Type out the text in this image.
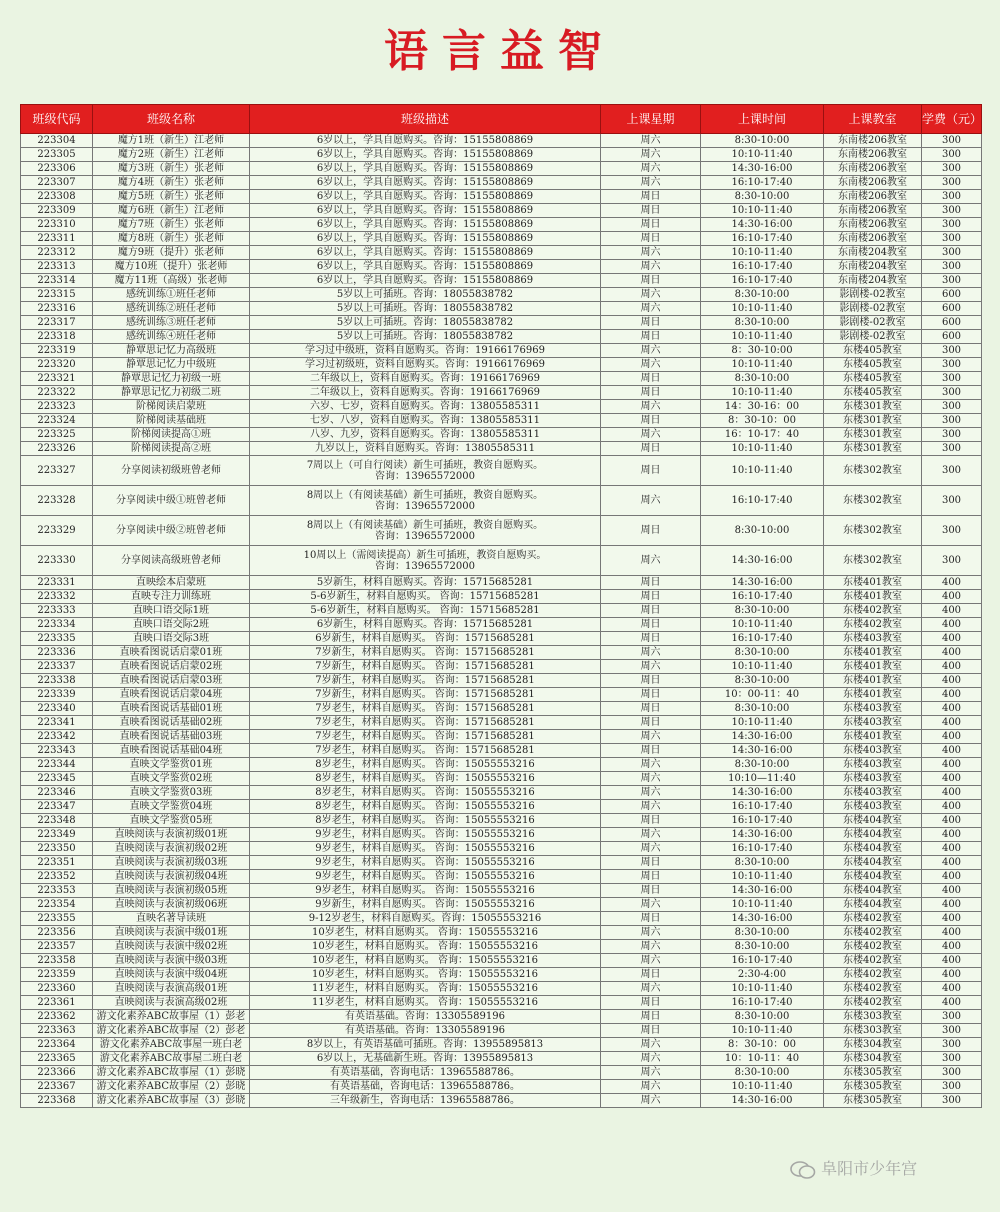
语言益智
班级代码	班级名称	班级描述	上课星期	上课时间	上课教室	学费（元）
223304	魔方1班（新生）江老师	6岁以上，学具自愿购买。咨询：15155808869	周六	8:30-10:00	东南楼206教室	300
223305	魔方2班（新生）江老师	6岁以上，学具自愿购买。咨询：15155808869	周六	10:10-11:40	东南楼206教室	300
223306	魔方3班（新生）张老师	6岁以上，学具自愿购买。咨询：15155808869	周六	14:30-16:00	东南楼206教室	300
223307	魔方4班（新生）张老师	6岁以上，学具自愿购买。咨询：15155808869	周六	16:10-17:40	东南楼206教室	300
223308	魔方5班（新生）张老师	6岁以上，学具自愿购买。咨询：15155808869	周日	8:30-10:00	东南楼206教室	300
223309	魔方6班（新生）江老师	6岁以上，学具自愿购买。咨询：15155808869	周日	10:10-11:40	东南楼206教室	300
223310	魔方7班（新生）张老师	6岁以上，学具自愿购买。咨询：15155808869	周日	14:30-16:00	东南楼206教室	300
223311	魔方8班（新生）张老师	6岁以上，学具自愿购买。咨询：15155808869	周日	16:10-17:40	东南楼206教室	300
223312	魔方9班（提升）张老师	6岁以上，学具自愿购买。咨询：15155808869	周六	10:10-11:40	东南楼204教室	300
223313	魔方10班（提升）张老师	6岁以上，学具自愿购买。咨询：15155808869	周六	16:10-17:40	东南楼204教室	300
223314	魔方11班（高级）张老师	6岁以上，学具自愿购买。咨询：15155808869	周日	16:10-17:40	东南楼204教室	300
223315	感统训练①班任老师	5岁以上可插班。咨询：18055838782	周六	8:30-10:00	影剧楼-02教室	600
223316	感统训练②班任老师	5岁以上可插班。咨询：18055838782	周六	10:10-11:40	影剧楼-02教室	600
223317	感统训练③班任老师	5岁以上可插班。咨询：18055838782	周日	8:30-10:00	影剧楼-02教室	600
223318	感统训练④班任老师	5岁以上可插班。咨询：18055838782	周日	10:10-11:40	影剧楼-02教室	600
223319	静覃思记忆力高级班	学习过中级班，资料自愿购买。咨询：19166176969	周六	8：30-10:00	东楼405教室	300
223320	静覃思记忆力中级班	学习过初级班，资料自愿购买。咨询：19166176969	周六	10:10-11:40	东楼405教室	300
223321	静覃思记忆力初级一班	二年级以上，资料自愿购买。咨询：19166176969	周日	8:30-10:00	东楼405教室	300
223322	静覃思记忆力初级二班	二年级以上，资料自愿购买。咨询：19166176969	周日	10:10-11:40	东楼405教室	300
223323	阶梯阅读启蒙班	六岁、七岁，资料自愿购买。咨询：13805585311	周六	14：30-16：00	东楼301教室	300
223324	阶梯阅读基础班	七岁、八岁，资料自愿购买。咨询：13805585311	周日	8：30-10：00	东楼301教室	300
223325	阶梯阅读提高①班	八岁、九岁，资料自愿购买。咨询：13805585311	周六	16：10-17：40	东楼301教室	300
223326	阶梯阅读提高②班	九岁以上，资料自愿购买。咨询：13805585311	周日	10:10-11:40	东楼301教室	300
223327	分享阅读初级班曾老师	7周以上（可自行阅读）新生可插班，教资自愿购买。
咨询：13965572000	周日	10:10-11:40	东楼302教室	300
223328	分享阅读中级①班曾老师	8周以上（有阅读基础）新生可插班，教资自愿购买。
咨询：13965572000	周六	16:10-17:40	东楼302教室	300
223329	分享阅读中级②班曾老师	8周以上（有阅读基础）新生可插班，教资自愿购买。
咨询：13965572000	周日	8:30-10:00	东楼302教室	300
223330	分享阅读高级班曾老师	10周以上（需阅读提高）新生可插班，教资自愿购买。
咨询：13965572000	周六	14:30-16:00	东楼302教室	300
223331	直映绘本启蒙班	5岁新生，材料自愿购买。咨询：15715685281	周日	14:30-16:00	东楼401教室	400
223332	直映专注力训练班	5-6岁新生，材料自愿购买。 咨询：15715685281	周日	16:10-17:40	东楼401教室	400
223333	直映口语交际1班	5-6岁新生，材料自愿购买。 咨询：15715685281	周日	8:30-10:00	东楼402教室	400
223334	直映口语交际2班	6岁新生，材料自愿购买。咨询：15715685281	周日	10:10-11:40	东楼402教室	400
223335	直映口语交际3班	6岁新生，材料自愿购买。 咨询：15715685281	周日	16:10-17:40	东楼403教室	400
223336	直映看图说话启蒙01班	7岁新生，材料自愿购买。 咨询：15715685281	周六	8:30-10:00	东楼401教室	400
223337	直映看图说话启蒙02班	7岁新生，材料自愿购买。 咨询：15715685281	周六	10:10-11:40	东楼401教室	400
223338	直映看图说话启蒙03班	7岁新生，材料自愿购买。 咨询：15715685281	周日	8:30-10:00	东楼401教室	400
223339	直映看图说话启蒙04班	7岁新生，材料自愿购买。 咨询：15715685281	周日	10：00-11：40	东楼401教室	400
223340	直映看图说话基础01班	7岁老生，材料自愿购买。 咨询：15715685281	周日	8:30-10:00	东楼403教室	400
223341	直映看图说话基础02班	7岁老生，材料自愿购买。 咨询：15715685281	周日	10:10-11:40	东楼403教室	400
223342	直映看图说话基础03班	7岁老生，材料自愿购买。 咨询：15715685281	周六	14:30-16:00	东楼401教室	400
223343	直映看图说话基础04班	7岁老生，材料自愿购买。 咨询：15715685281	周日	14:30-16:00	东楼403教室	400
223344	直映文学鉴赏01班	8岁老生，材料自愿购买。 咨询：15055553216	周六	8:30-10:00	东楼403教室	400
223345	直映文学鉴赏02班	8岁老生，材料自愿购买。 咨询：15055553216	周六	10:10—11:40	东楼403教室	400
223346	直映文学鉴赏03班	8岁老生，材料自愿购买。 咨询：15055553216	周六	14:30-16:00	东楼403教室	400
223347	直映文学鉴赏04班	8岁老生，材料自愿购买。 咨询：15055553216	周六	16:10-17:40	东楼403教室	400
223348	直映文学鉴赏05班	8岁老生，材料自愿购买。 咨询：15055553216	周日	16:10-17:40	东楼404教室	400
223349	直映阅读与表演初级01班	9岁老生，材料自愿购买。 咨询：15055553216	周六	14:30-16:00	东楼404教室	400
223350	直映阅读与表演初级02班	9岁老生，材料自愿购买。 咨询：15055553216	周六	16:10-17:40	东楼404教室	400
223351	直映阅读与表演初级03班	9岁老生，材料自愿购买。 咨询：15055553216	周日	8:30-10:00	东楼404教室	400
223352	直映阅读与表演初级04班	9岁老生，材料自愿购买。 咨询：15055553216	周日	10:10-11:40	东楼404教室	400
223353	直映阅读与表演初级05班	9岁老生，材料自愿购买。 咨询：15055553216	周日	14:30-16:00	东楼404教室	400
223354	直映阅读与表演初级06班	9岁新生，材料自愿购买。 咨询：15055553216	周六	10:10-11:40	东楼404教室	400
223355	直映名著导读班	9-12岁老生，材料自愿购买。咨询：15055553216	周日	14:30-16:00	东楼402教室	400
223356	直映阅读与表演中级01班	10岁老生，材料自愿购买。 咨询：15055553216	周六	8:30-10:00	东楼402教室	400
223357	直映阅读与表演中级02班	10岁老生，材料自愿购买。 咨询：15055553216	周六	8:30-10:00	东楼402教室	400
223358	直映阅读与表演中级03班	10岁老生，材料自愿购买。 咨询：15055553216	周六	16:10-17:40	东楼402教室	400
223359	直映阅读与表演中级04班	10岁老生，材料自愿购买。 咨询：15055553216	周日	2:30-4:00	东楼402教室	400
223360	直映阅读与表演高级01班	11岁老生，材料自愿购买。 咨询：15055553216	周六	10:10-11:40	东楼402教室	400
223361	直映阅读与表演高级02班	11岁老生，材料自愿购买。 咨询：15055553216	周日	16:10-17:40	东楼402教室	400
223362	游文化素养ABC故事屋（1）彭老	有英语基础。咨询：13305589196	周日	8:30-10:00	东楼303教室	300
223363	游文化素养ABC故事屋（2）彭老	有英语基础。咨询：13305589196	周日	10:10-11:40	东楼303教室	300
223364	游文化素养ABC故事屋一班白老	8岁以上，有英语基础可插班。咨询：13955895813	周六	8：30-10：00	东楼304教室	300
223365	游文化素养ABC故事屋二班白老	6岁以上，无基础新生班。咨询：13955895813	周六	10：10-11：40	东楼304教室	300
223366	游文化素养ABC故事屋（1）彭晓	有英语基础，咨询电话：13965588786。	周六	8:30-10:00	东楼305教室	300
223367	游文化素养ABC故事屋（2）彭晓	有英语基础，咨询电话：13965588786。	周六	10:10-11:40	东楼305教室	300
223368	游文化素养ABC故事屋（3）彭晓	三年级新生，咨询电话：13965588786。	周六	14:30-16:00	东楼305教室	300
阜阳市少年宫
